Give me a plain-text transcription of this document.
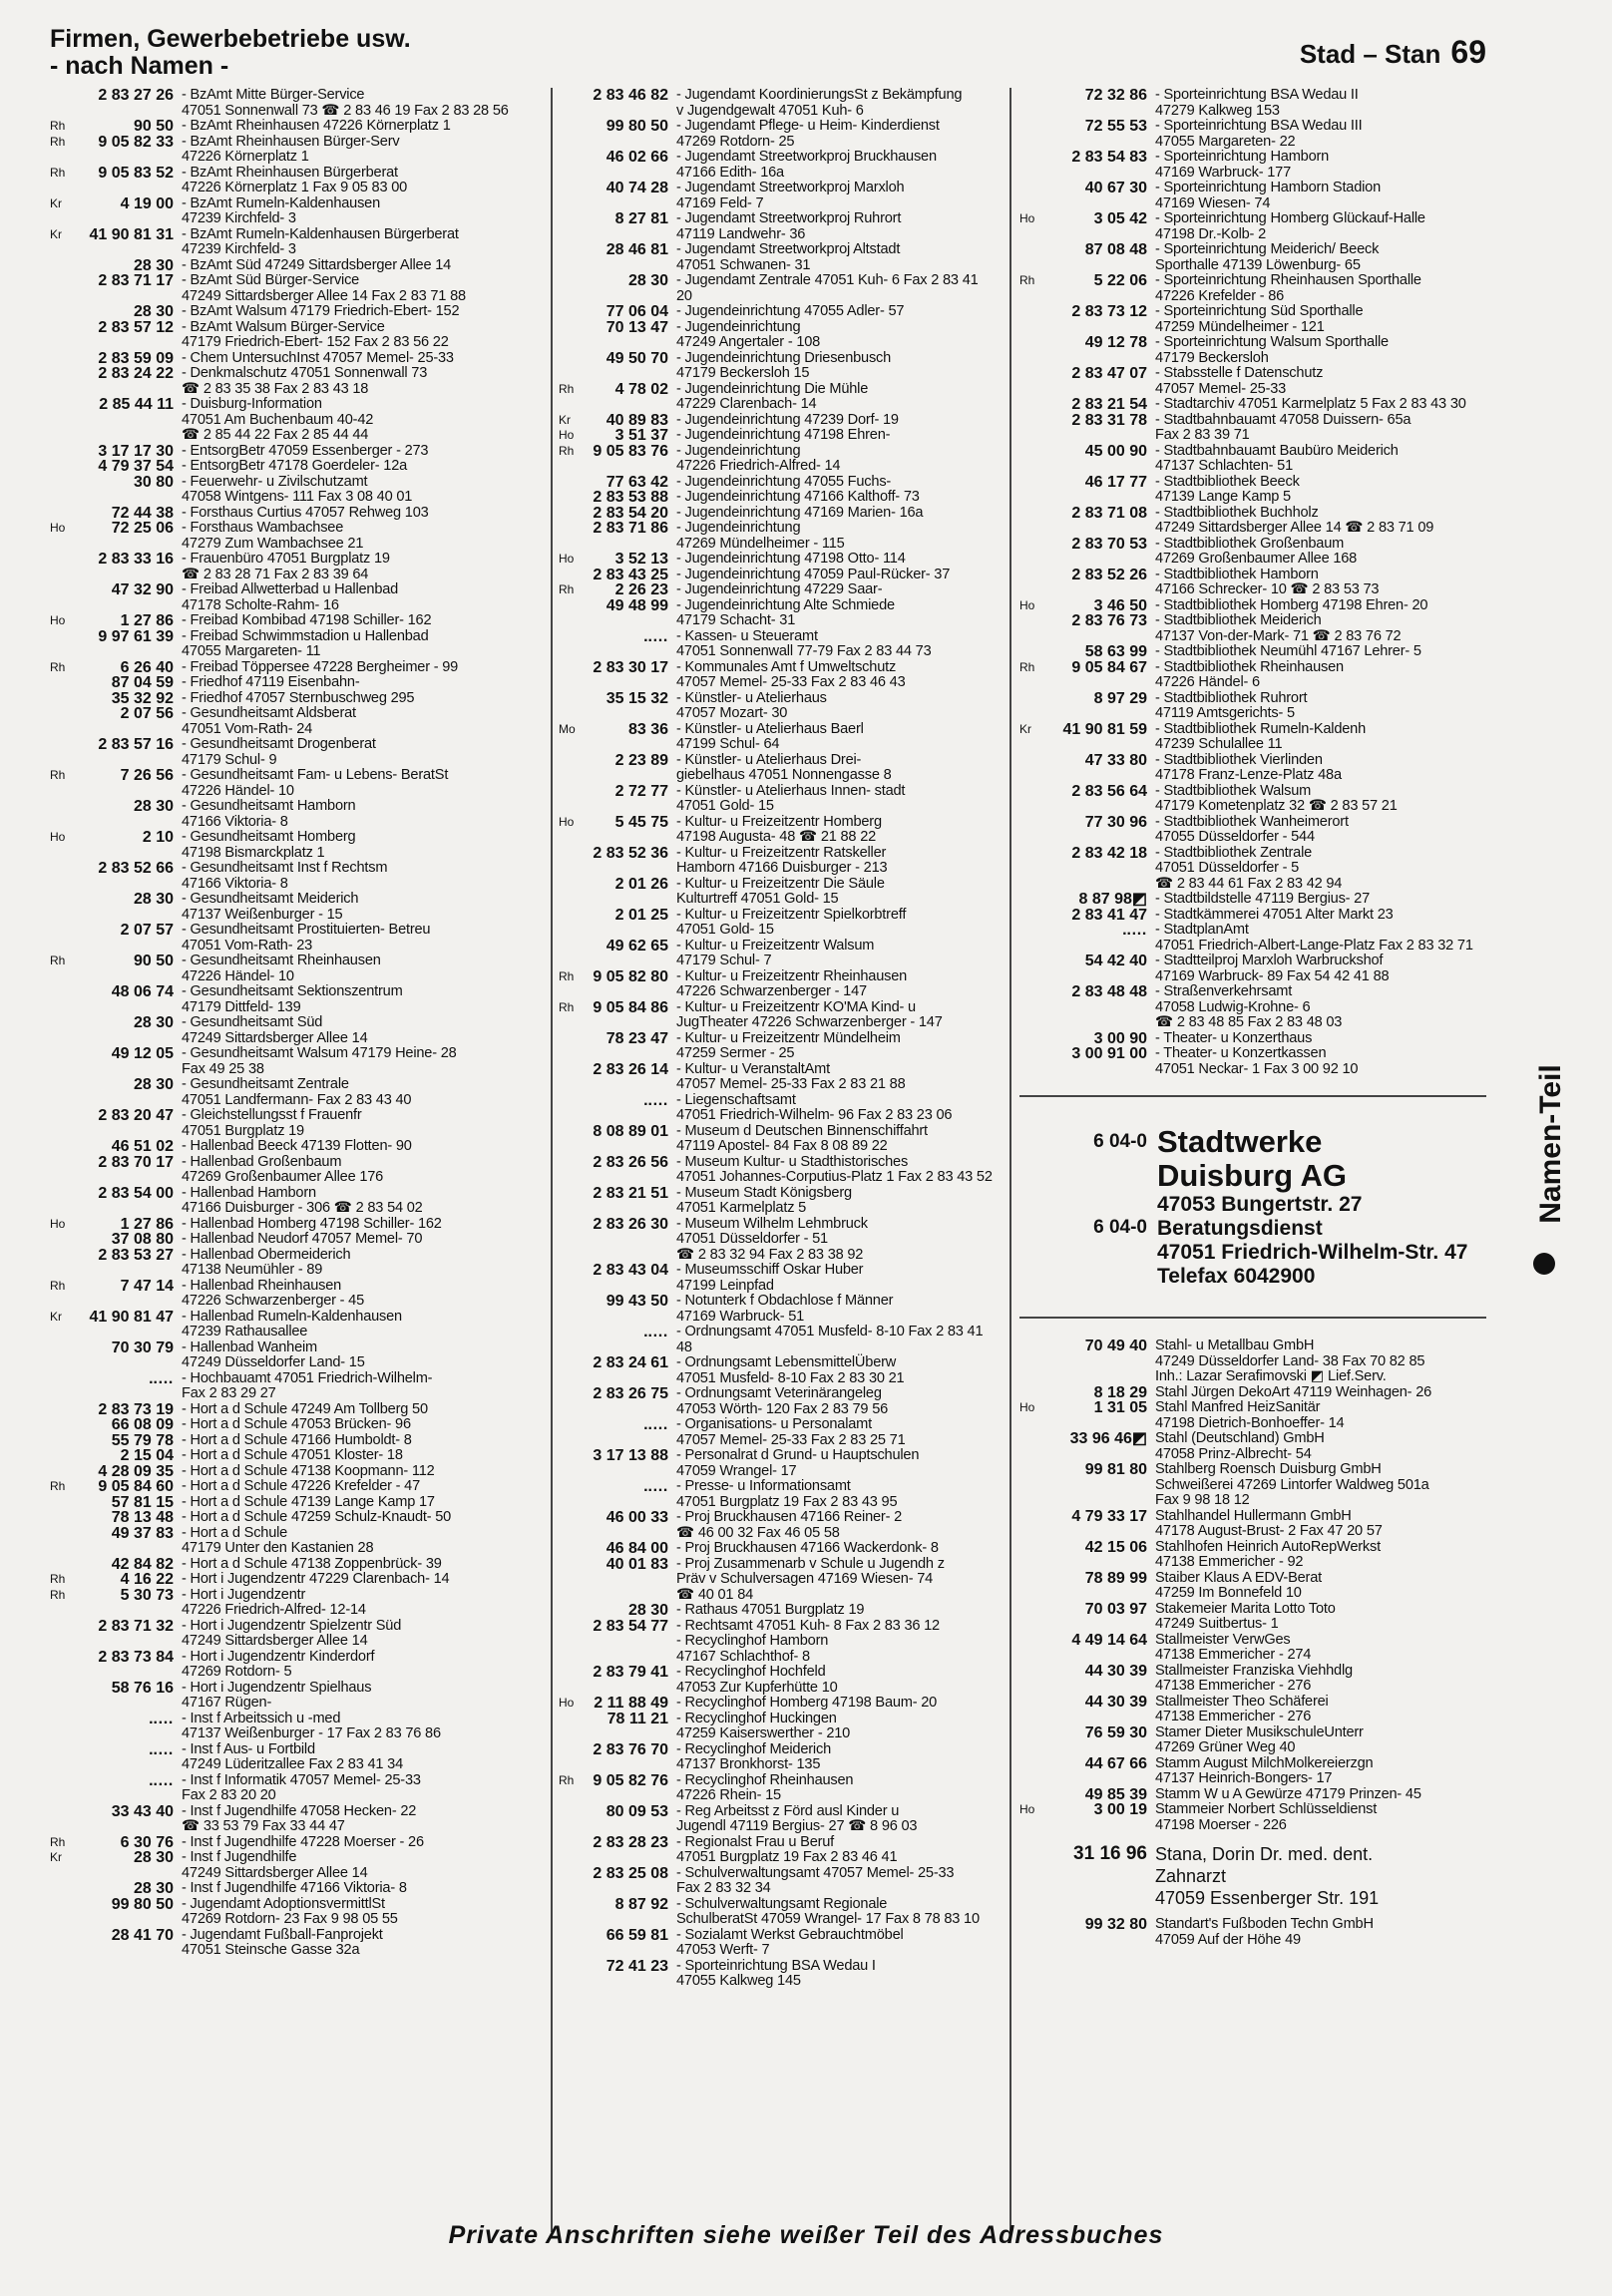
Firmen, Gewerbebetriebe usw.
- nach Namen -	Stad – Stan 69
2 83 27 26 - BzAmt Mitte Bürger-Service
47051 Sonnenwall 73 ☎ 2 83 46 19 Fax 2 83 28 56
Rh	90 50 - BzAmt Rheinhausen 47226 Körnerplatz 1
Rh	9 05 82 33 - BzAmt Rheinhausen Bürger-Serv
47226 Körnerplatz 1
Rh	9 05 83 52 - BzAmt Rheinhausen Bürgerberat
47226 Körnerplatz 1 Fax 9 05 83 00
Kr	4 19 00 - BzAmt Rumeln-Kaldenhausen
47239 Kirchfeld- 3
Kr	41 90 81 31 - BzAmt Rumeln-Kaldenhausen Bürgerberat
47239 Kirchfeld- 3
28 30 - BzAmt Süd 47249 Sittardsberger Allee 14
2 83 71 17 - BzAmt Süd Bürger-Service
47249 Sittardsberger Allee 14 Fax 2 83 71 88
28 30 - BzAmt Walsum 47179 Friedrich-Ebert- 152
2 83 57 12 - BzAmt Walsum Bürger-Service
47179 Friedrich-Ebert- 152 Fax 2 83 56 22
2 83 59 09 - Chem UntersuchInst 47057 Memel- 25-33
2 83 24 22 - Denkmalschutz 47051 Sonnenwall 73
☎ 2 83 35 38 Fax 2 83 43 18
2 85 44 11 - Duisburg-Information
47051 Am Buchenbaum 40-42
☎ 2 85 44 22 Fax 2 85 44 44
3 17 17 30 - EntsorgBetr 47059 Essenberger - 273
4 79 37 54 - EntsorgBetr 47178 Goerdeler- 12a
30 80 - Feuerwehr- u Zivilschutzamt
47058 Wintgens- 111 Fax 3 08 40 01
72 44 38 - Forsthaus Curtius 47057 Rehweg 103
Ho	72 25 06 - Forsthaus Wambachsee
47279 Zum Wambachsee 21
2 83 33 16 - Frauenbüro 47051 Burgplatz 19
☎ 2 83 28 71 Fax 2 83 39 64
47 32 90 - Freibad Allwetterbad u Hallenbad
47178 Scholte-Rahm- 16
Ho	1 27 86 - Freibad Kombibad 47198 Schiller- 162
9 97 61 39 - Freibad Schwimmstadion u Hallenbad
47055 Margareten- 11
Rh	6 26 40 - Freibad Töppersee 47228 Bergheimer - 99
87 04 59 - Friedhof 47119 Eisenbahn-
35 32 92 - Friedhof 47057 Sternbuschweg 295
2 07 56 - Gesundheitsamt Aldsberat
47051 Vom-Rath- 24
2 83 57 16 - Gesundheitsamt Drogenberat
47179 Schul- 9
Rh	7 26 56 - Gesundheitsamt Fam- u Lebens- BeratSt
47226 Händel- 10
28 30 - Gesundheitsamt Hamborn
47166 Viktoria- 8
Ho	2 10 - Gesundheitsamt Homberg
47198 Bismarckplatz 1
2 83 52 66 - Gesundheitsamt Inst f Rechtsm
47166 Viktoria- 8
28 30 - Gesundheitsamt Meiderich
47137 Weißenburger - 15
2 07 57 - Gesundheitsamt Prostituierten- Betreu
47051 Vom-Rath- 23
Rh	90 50 - Gesundheitsamt Rheinhausen
47226 Händel- 10
48 06 74 - Gesundheitsamt Sektionszentrum
47179 Dittfeld- 139
28 30 - Gesundheitsamt Süd
47249 Sittardsberger Allee 14
49 12 05 - Gesundheitsamt Walsum 47179 Heine- 28
Fax 49 25 38
28 30 - Gesundheitsamt Zentrale
47051 Landfermann- Fax 2 83 43 40
2 83 20 47 - Gleichstellungsst f Frauenfr
47051 Burgplatz 19
46 51 02 - Hallenbad Beeck 47139 Flotten- 90
2 83 70 17 - Hallenbad Großenbaum
47269 Großenbaumer Allee 176
2 83 54 00 - Hallenbad Hamborn
47166 Duisburger - 306 ☎ 2 83 54 02
Ho	1 27 86 - Hallenbad Homberg 47198 Schiller- 162
37 08 80 - Hallenbad Neudorf 47057 Memel- 70
2 83 53 27 - Hallenbad Obermeiderich
47138 Neumühler - 89
Rh	7 47 14 - Hallenbad Rheinhausen
47226 Schwarzenberger - 45
Kr	41 90 81 47 - Hallenbad Rumeln-Kaldenhausen
47239 Rathausallee
70 30 79 - Hallenbad Wanheim
47249 Düsseldorfer Land- 15
..… - Hochbauamt 47051 Friedrich-Wilhelm-
Fax 2 83 29 27
2 83 73 19 - Hort a d Schule 47249 Am Tollberg 50
66 08 09 - Hort a d Schule 47053 Brücken- 96
55 79 78 - Hort a d Schule 47166 Humboldt- 8
2 15 04 - Hort a d Schule 47051 Kloster- 18
4 28 09 35 - Hort a d Schule 47138 Koopmann- 112
Rh	9 05 84 60 - Hort a d Schule 47226 Krefelder - 47
57 81 15 - Hort a d Schule 47139 Lange Kamp 17
78 13 48 - Hort a d Schule 47259 Schulz-Knaudt- 50
49 37 83 - Hort a d Schule
47179 Unter den Kastanien 28
42 84 82 - Hort a d Schule 47138 Zoppenbrück- 39
Rh	4 16 22 - Hort i Jugendzentr 47229 Clarenbach- 14
Rh	5 30 73 - Hort i Jugendzentr
47226 Friedrich-Alfred- 12-14
2 83 71 32 - Hort i Jugendzentr Spielzentr Süd
47249 Sittardsberger Allee 14
2 83 73 84 - Hort i Jugendzentr Kinderdorf
47269 Rotdorn- 5
58 76 16 - Hort i Jugendzentr Spielhaus
47167 Rügen-
..… - Inst f Arbeitssich u -med
47137 Weißenburger - 17 Fax 2 83 76 86
..… - Inst f Aus- u Fortbild
47249 Lüderitzallee Fax 2 83 41 34
..… - Inst f Informatik 47057 Memel- 25-33
Fax 2 83 20 20
33 43 40 - Inst f Jugendhilfe 47058 Hecken- 22
☎ 33 53 79 Fax 33 44 47
Rh	6 30 76 - Inst f Jugendhilfe 47228 Moerser - 26
Kr	28 30 - Inst f Jugendhilfe
47249 Sittardsberger Allee 14
28 30 - Inst f Jugendhilfe 47166 Viktoria- 8
99 80 50 - Jugendamt AdoptionsvermittlSt
47269 Rotdorn- 23 Fax 9 98 05 55
28 41 70 - Jugendamt Fußball-Fanprojekt
47051 Steinsche Gasse 32a
2 83 46 82 - Jugendamt KoordinierungsSt z Bekämpfung
v Jugendgewalt 47051 Kuh- 6
99 80 50 - Jugendamt Pflege- u Heim- Kinderdienst
47269 Rotdorn- 25
46 02 66 - Jugendamt Streetworkproj Bruckhausen
47166 Edith- 16a
40 74 28 - Jugendamt Streetworkproj Marxloh
47169 Feld- 7
8 27 81 - Jugendamt Streetworkproj Ruhrort
47119 Landwehr- 36
28 46 81 - Jugendamt Streetworkproj Altstadt
47051 Schwanen- 31
28 30 - Jugendamt Zentrale 47051 Kuh- 6 Fax 2 83 41 20
77 06 04 - Jugendeinrichtung 47055 Adler- 57
70 13 47 - Jugendeinrichtung
47249 Angertaler - 108
49 50 70 - Jugendeinrichtung Driesenbusch
47179 Beckersloh 15
Rh	4 78 02 - Jugendeinrichtung Die Mühle
47229 Clarenbach- 14
Kr	40 89 83 - Jugendeinrichtung 47239 Dorf- 19
Ho	3 51 37 - Jugendeinrichtung 47198 Ehren-
Rh	9 05 83 76 - Jugendeinrichtung
47226 Friedrich-Alfred- 14
77 63 42 - Jugendeinrichtung 47055 Fuchs-
2 83 53 88 - Jugendeinrichtung 47166 Kalthoff- 73
2 83 54 20 - Jugendeinrichtung 47169 Marien- 16a
2 83 71 86 - Jugendeinrichtung
47269 Mündelheimer - 115
Ho	3 52 13 - Jugendeinrichtung 47198 Otto- 114
2 83 43 25 - Jugendeinrichtung 47059 Paul-Rücker- 37
Rh	2 26 23 - Jugendeinrichtung 47229 Saar-
49 48 99 - Jugendeinrichtung Alte Schmiede
47179 Schacht- 31
..… - Kassen- u Steueramt
47051 Sonnenwall 77-79 Fax 2 83 44 73
2 83 30 17 - Kommunales Amt f Umweltschutz
47057 Memel- 25-33 Fax 2 83 46 43
35 15 32 - Künstler- u Atelierhaus
47057 Mozart- 30
Mo	83 36 - Künstler- u Atelierhaus Baerl
47199 Schul- 64
2 23 89 - Künstler- u Atelierhaus Drei-
giebelhaus 47051 Nonnengasse 8
2 72 77 - Künstler- u Atelierhaus Innen- stadt
47051 Gold- 15
Ho	5 45 75 - Kultur- u Freizeitzentr Homberg
47198 Augusta- 48 ☎ 21 88 22
2 83 52 36 - Kultur- u Freizeitzentr Ratskeller
Hamborn 47166 Duisburger - 213
2 01 26 - Kultur- u Freizeitzentr Die Säule
Kulturtreff 47051 Gold- 15
2 01 25 - Kultur- u Freizeitzentr Spielkorbtreff
47051 Gold- 15
49 62 65 - Kultur- u Freizeitzentr Walsum
47179 Schul- 7
Rh	9 05 82 80 - Kultur- u Freizeitzentr Rheinhausen
47226 Schwarzenberger - 147
Rh	9 05 84 86 - Kultur- u Freizeitzentr KO'MA Kind- u
JugTheater 47226 Schwarzenberger - 147
78 23 47 - Kultur- u Freizeitzentr Mündelheim
47259 Sermer - 25
2 83 26 14 - Kultur- u VeranstaltAmt
47057 Memel- 25-33 Fax 2 83 21 88
..… - Liegenschaftsamt
47051 Friedrich-Wilhelm- 96 Fax 2 83 23 06
8 08 89 01 - Museum d Deutschen Binnenschiffahrt
47119 Apostel- 84 Fax 8 08 89 22
2 83 26 56 - Museum Kultur- u Stadthistorisches
47051 Johannes-Corputius-Platz 1 Fax 2 83 43 52
2 83 21 51 - Museum Stadt Königsberg
47051 Karmelplatz 5
2 83 26 30 - Museum Wilhelm Lehmbruck
47051 Düsseldorfer - 51
☎ 2 83 32 94 Fax 2 83 38 92
2 83 43 04 - Museumsschiff Oskar Huber
47199 Leinpfad
99 43 50 - Notunterk f Obdachlose f Männer
47169 Warbruck- 51
..… - Ordnungsamt 47051 Musfeld- 8-10 Fax 2 83 41 48
2 83 24 61 - Ordnungsamt LebensmittelÜberw
47051 Musfeld- 8-10 Fax 2 83 30 21
2 83 26 75 - Ordnungsamt Veterinärangeleg
47053 Wörth- 120 Fax 2 83 79 56
..… - Organisations- u Personalamt
47057 Memel- 25-33 Fax 2 83 25 71
3 17 13 88 - Personalrat d Grund- u Hauptschulen
47059 Wrangel- 17
..… - Presse- u Informationsamt
47051 Burgplatz 19 Fax 2 83 43 95
46 00 33 - Proj Bruckhausen 47166 Reiner- 2
☎ 46 00 32 Fax 46 05 58
46 84 00 - Proj Bruckhausen 47166 Wackerdonk- 8
40 01 83 - Proj Zusammenarb v Schule u Jugendh z
Präv v Schulversagen 47169 Wiesen- 74
☎ 40 01 84
28 30 - Rathaus 47051 Burgplatz 19
2 83 54 77 - Rechtsamt 47051 Kuh- 8 Fax 2 83 36 12
- Recyclinghof Hamborn
47167 Schlachthof- 8
2 83 79 41 - Recyclinghof Hochfeld
47053 Zur Kupferhütte 10
Ho	2 11 88 49 - Recyclinghof Homberg 47198 Baum- 20
78 11 21 - Recyclinghof Huckingen
47259 Kaiserswerther - 210
2 83 76 70 - Recyclinghof Meiderich
47137 Bronkhorst- 135
Rh	9 05 82 76 - Recyclinghof Rheinhausen
47226 Rhein- 15
80 09 53 - Reg Arbeitsst z Förd ausl Kinder u
Jugendl 47119 Bergius- 27 ☎ 8 96 03
2 83 28 23 - Regionalst Frau u Beruf
47051 Burgplatz 19 Fax 2 83 46 41
2 83 25 08 - Schulverwaltungsamt 47057 Memel- 25-33
Fax 2 83 32 34
8 87 92 - Schulverwaltungsamt Regionale
SchulberatSt 47059 Wrangel- 17 Fax 8 78 83 10
66 59 81 - Sozialamt Werkst Gebrauchtmöbel
47053 Werft- 7
72 41 23 - Sporteinrichtung BSA Wedau I
47055 Kalkweg 145
72 32 86 - Sporteinrichtung BSA Wedau II
47279 Kalkweg 153
72 55 53 - Sporteinrichtung BSA Wedau III
47055 Margareten- 22
2 83 54 83 - Sporteinrichtung Hamborn
47169 Warbruck- 177
40 67 30 - Sporteinrichtung Hamborn Stadion
47169 Wiesen- 74
Ho	3 05 42 - Sporteinrichtung Homberg Glückauf-Halle
47198 Dr.-Kolb- 2
87 08 48 - Sporteinrichtung Meiderich/ Beeck
Sporthalle 47139 Löwenburg- 65
Rh	5 22 06 - Sporteinrichtung Rheinhausen Sporthalle
47226 Krefelder - 86
2 83 73 12 - Sporteinrichtung Süd Sporthalle
47259 Mündelheimer - 121
49 12 78 - Sporteinrichtung Walsum Sporthalle
47179 Beckersloh
2 83 47 07 - Stabsstelle f Datenschutz
47057 Memel- 25-33
2 83 21 54 - Stadtarchiv 47051 Karmelplatz 5 Fax 2 83 43 30
2 83 31 78 - Stadtbahnbauamt 47058 Duissern- 65a
Fax 2 83 39 71
45 00 90 - Stadtbahnbauamt Baubüro Meiderich
47137 Schlachten- 51
46 17 77 - Stadtbibliothek Beeck
47139 Lange Kamp 5
2 83 71 08 - Stadtbibliothek Buchholz
47249 Sittardsberger Allee 14 ☎ 2 83 71 09
2 83 70 53 - Stadtbibliothek Großenbaum
47269 Großenbaumer Allee 168
2 83 52 26 - Stadtbibliothek Hamborn
47166 Schrecker- 10 ☎ 2 83 53 73
Ho	3 46 50 - Stadtbibliothek Homberg 47198 Ehren- 20
2 83 76 73 - Stadtbibliothek Meiderich
47137 Von-der-Mark- 71 ☎ 2 83 76 72
58 63 99 - Stadtbibliothek Neumühl 47167 Lehrer- 5
Rh	9 05 84 67 - Stadtbibliothek Rheinhausen
47226 Händel- 6
8 97 29 - Stadtbibliothek Ruhrort
47119 Amtsgerichts- 5
Kr	41 90 81 59 - Stadtbibliothek Rumeln-Kaldenh
47239 Schulallee 11
47 33 80 - Stadtbibliothek Vierlinden
47178 Franz-Lenze-Platz 48a
2 83 56 64 - Stadtbibliothek Walsum
47179 Kometenplatz 32 ☎ 2 83 57 21
77 30 96 - Stadtbibliothek Wanheimerort
47055 Düsseldorfer - 544
2 83 42 18 - Stadtbibliothek Zentrale
47051 Düsseldorfer - 5
☎ 2 83 44 61 Fax 2 83 42 94
8 87 98◩ - Stadtbildstelle 47119 Bergius- 27
2 83 41 47 - Stadtkämmerei 47051 Alter Markt 23
..… - StadtplanAmt
47051 Friedrich-Albert-Lange-Platz Fax 2 83 32 71
54 42 40 - Stadtteilproj Marxloh Warbruckshof
47169 Warbruck- 89 Fax 54 42 41 88
2 83 48 48 - Straßenverkehrsamt
47058 Ludwig-Krohne- 6
☎ 2 83 48 85 Fax 2 83 48 03
3 00 90 - Theater- u Konzerthaus
3 00 91 00 - Theater- u Konzertkassen
47051 Neckar- 1 Fax 3 00 92 10
6 04-0 Stadtwerke
Duisburg AG
47053 Bungertstr. 27
6 04-0 Beratungsdienst
47051 Friedrich-Wilhelm-Str. 47
Telefax 6042900
70 49 40 Stahl- u Metallbau GmbH
47249 Düsseldorfer Land- 38 Fax 70 82 85
Inh.: Lazar Serafimovski ◩ Lief.Serv.
8 18 29 Stahl Jürgen DekoArt 47119 Weinhagen- 26
Ho	1 31 05 Stahl Manfred HeizSanitär
47198 Dietrich-Bonhoeffer- 14
33 96 46◩ Stahl (Deutschland) GmbH
47058 Prinz-Albrecht- 54
99 81 80 Stahlberg Roensch Duisburg GmbH
Schweißerei 47269 Lintorfer Waldweg 501a
Fax 9 98 18 12
4 79 33 17 Stahlhandel Hullermann GmbH
47178 August-Brust- 2 Fax 47 20 57
42 15 06 Stahlhofen Heinrich AutoRepWerkst
47138 Emmericher - 92
78 89 99 Staiber Klaus A EDV-Berat
47259 Im Bonnefeld 10
70 03 97 Stakemeier Marita Lotto Toto
47249 Suitbertus- 1
4 49 14 64 Stallmeister VerwGes
47138 Emmericher - 274
44 30 39 Stallmeister Franziska Viehhdlg
47138 Emmericher - 276
44 30 39 Stallmeister Theo Schäferei
47138 Emmericher - 276
76 59 30 Stamer Dieter MusikschuleUnterr
47269 Grüner Weg 40
44 67 66 Stamm August MilchMolkereierzgn
47137 Heinrich-Bongers- 17
49 85 39 Stamm W u A Gewürze 47179 Prinzen- 45
Ho	3 00 19 Stammeier Norbert Schlüsseldienst
47198 Moerser - 226
31 16 96 Stana, Dorin Dr. med. dent.
Zahnarzt
47059 Essenberger Str. 191
99 32 80 Standart's Fußboden Techn GmbH
47059 Auf der Höhe 49
Namen-Teil
Private Anschriften siehe weißer Teil des Adressbuches
